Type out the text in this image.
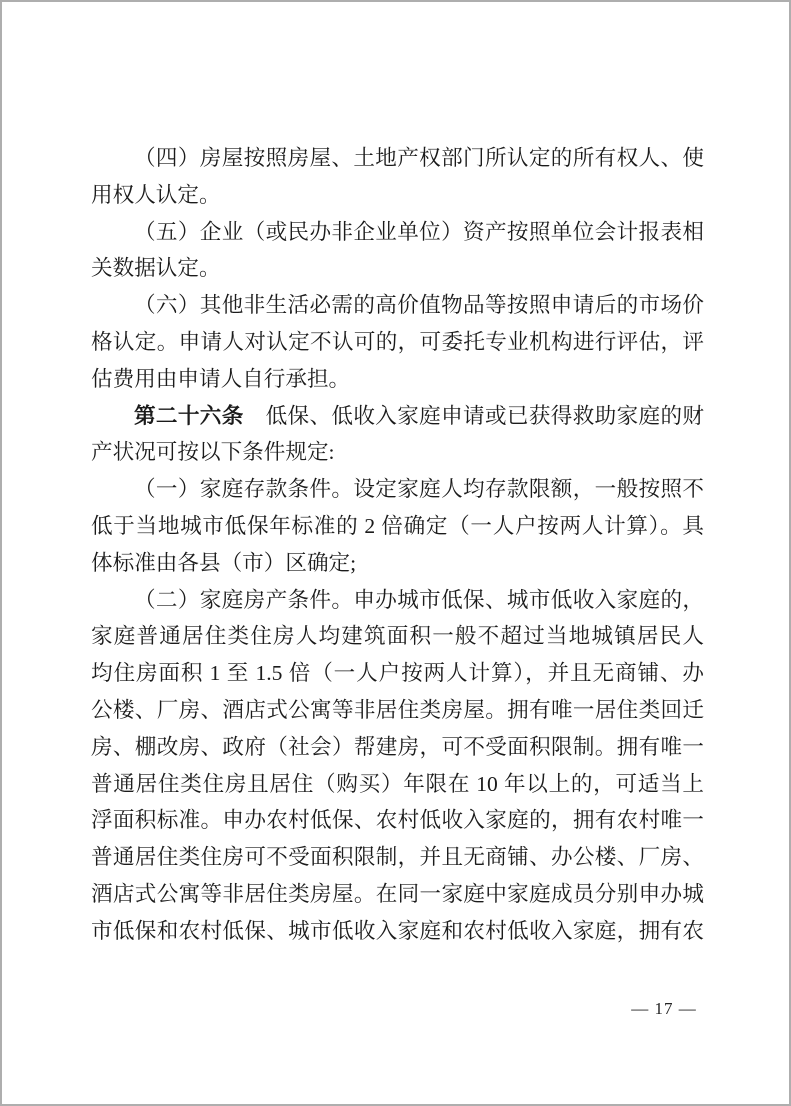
（四）房屋按照房屋、土地产权部门所认定的所有权人、使
用权人认定。
（五）企业（或民办非企业单位）资产按照单位会计报表相
关数据认定。
（六）其他非生活必需的高价值物品等按照申请后的市场价
格认定。申请人对认定不认可的，可委托专业机构进行评估，评
估费用由申请人自行承担。
第二十六条　低保、低收入家庭申请或已获得救助家庭的财
产状况可按以下条件规定:
（一）家庭存款条件。设定家庭人均存款限额，一般按照不
低于当地城市低保年标准的 2 倍确定（一人户按两人计算）。具
体标准由各县（市）区确定;
（二）家庭房产条件。申办城市低保、城市低收入家庭的，
家庭普通居住类住房人均建筑面积一般不超过当地城镇居民人
均住房面积 1 至 1.5 倍（一人户按两人计算），并且无商铺、办
公楼、厂房、酒店式公寓等非居住类房屋。拥有唯一居住类回迁
房、棚改房、政府（社会）帮建房，可不受面积限制。拥有唯一
普通居住类住房且居住（购买）年限在 10 年以上的，可适当上
浮面积标准。申办农村低保、农村低收入家庭的，拥有农村唯一
普通居住类住房可不受面积限制，并且无商铺、办公楼、厂房、
酒店式公寓等非居住类房屋。在同一家庭中家庭成员分别申办城
市低保和农村低保、城市低收入家庭和农村低收入家庭，拥有农
— 17 —
